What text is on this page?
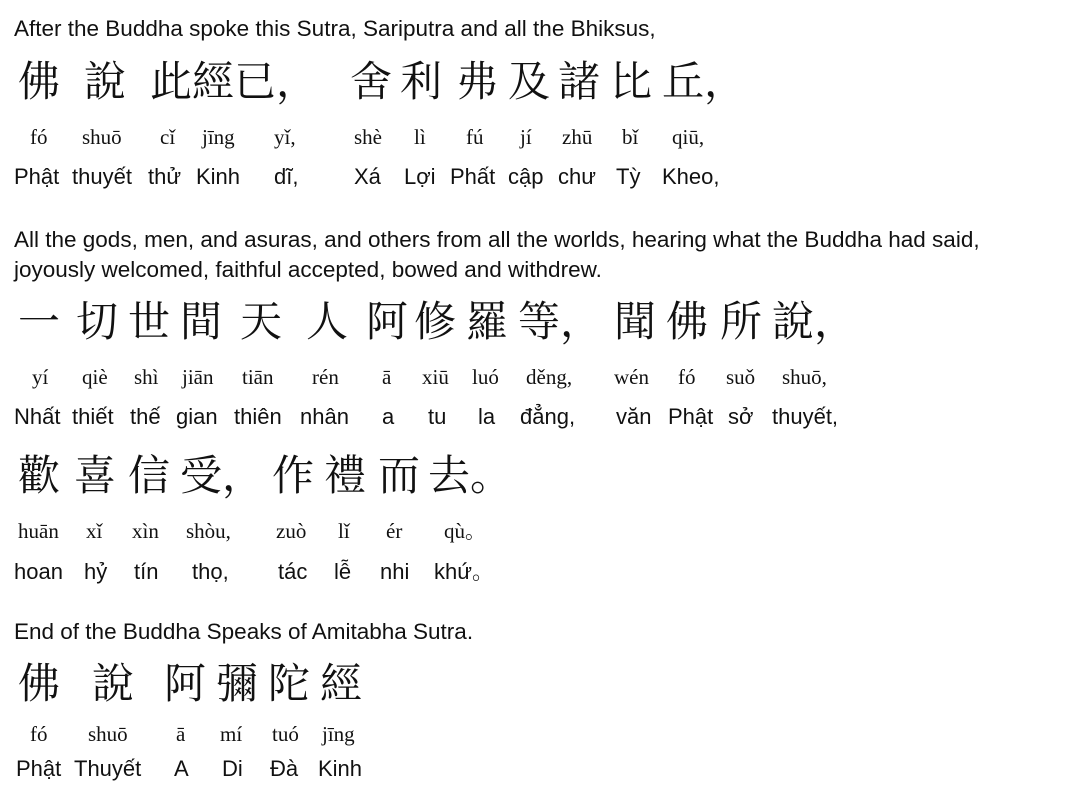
After the Buddha spoke this Sutra, Sariputra and all the Bhiksus,
佛 說 此經已， 舍 利 弗 及 諸 比 丘，
fó shuō cǐ jīng yǐ,	shè lì fú jí zhū bǐ qiū,
Phật thuyết thử Kinh dĩ,	Xá Lợi Phất cập chư Tỳ Kheo,
All the gods, men, and asuras, and others from all the worlds, hearing what the Buddha had said, joyously welcomed, faithful accepted, bowed and withdrew.
一 切 世 間 天 人 阿 修 羅 等， 聞 佛 所 說，
yí qiè shì jiān tiān rén ā xiū luó děng, wén fó suǒ shuō,
Nhất thiết thế gian thiên nhân a tu la đẳng, văn Phật sở thuyết,
歡 喜 信 受， 作 禮 而 去。
huān xǐ xìn shòu, zuò lǐ ér qù。
hoan hỷ tín thọ, tác lễ nhi khứ。
End of the Buddha Speaks of Amitabha Sutra.
佛 說 阿 彌 陀 經
fó shuō ā mí tuó jīng
Phật Thuyết A Di Đà Kinh
